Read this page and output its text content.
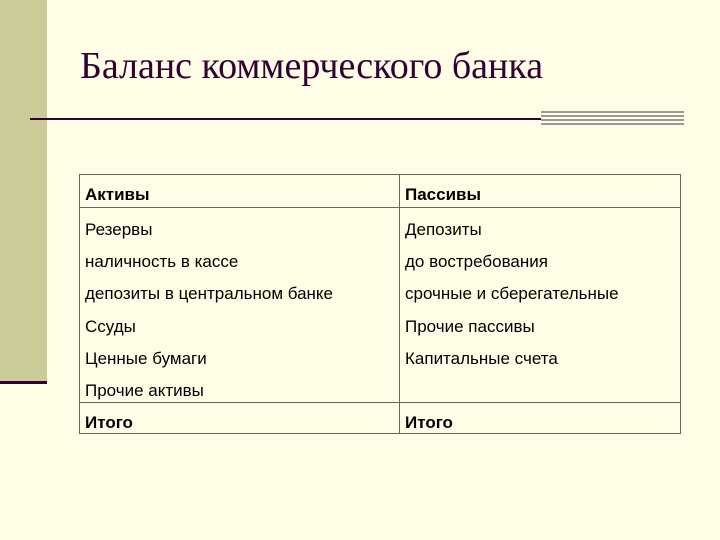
Баланс коммерческого банка
Активы	Пассивы
Резервы
наличность в кассе
депозиты в центральном банке
Ссуды
Ценные бумаги
Прочие активы
Депозиты
до востребования
срочные и сберегательные
Прочие пассивы
Капитальные счета
Итого	Итого
